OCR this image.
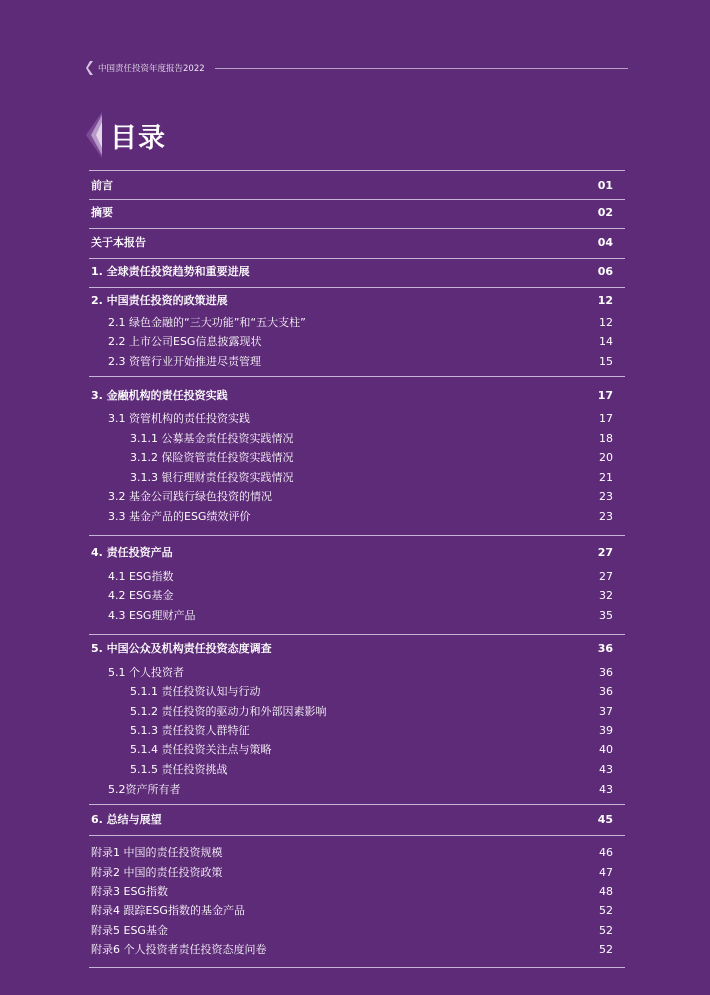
中国责任投资年度报告2022
目录
前言	01
摘要	02
关于本报告	04
1. 全球责任投资趋势和重要进展	06
2. 中国责任投资的政策进展	12
2.1 绿色金融的“三大功能”和“五大支柱”	12
2.2 上市公司ESG信息披露现状	14
2.3 资管行业开始推进尽责管理	15
3. 金融机构的责任投资实践	17
3.1 资管机构的责任投资实践	17
3.1.1 公募基金责任投资实践情况	18
3.1.2 保险资管责任投资实践情况	20
3.1.3 银行理财责任投资实践情况	21
3.2 基金公司践行绿色投资的情况	23
3.3 基金产品的ESG绩效评价	23
4. 责任投资产品	27
4.1 ESG指数	27
4.2 ESG基金	32
4.3 ESG理财产品	35
5. 中国公众及机构责任投资态度调查	36
5.1 个人投资者	36
5.1.1 责任投资认知与行动	36
5.1.2 责任投资的驱动力和外部因素影响	37
5.1.3 责任投资人群特征	39
5.1.4 责任投资关注点与策略	40
5.1.5 责任投资挑战	43
5.2资产所有者	43
6. 总结与展望	45
附录1 中国的责任投资规模	46
附录2 中国的责任投资政策	47
附录3 ESG指数	48
附录4 跟踪ESG指数的基金产品	52
附录5 ESG基金	52
附录6 个人投资者责任投资态度问卷	52
